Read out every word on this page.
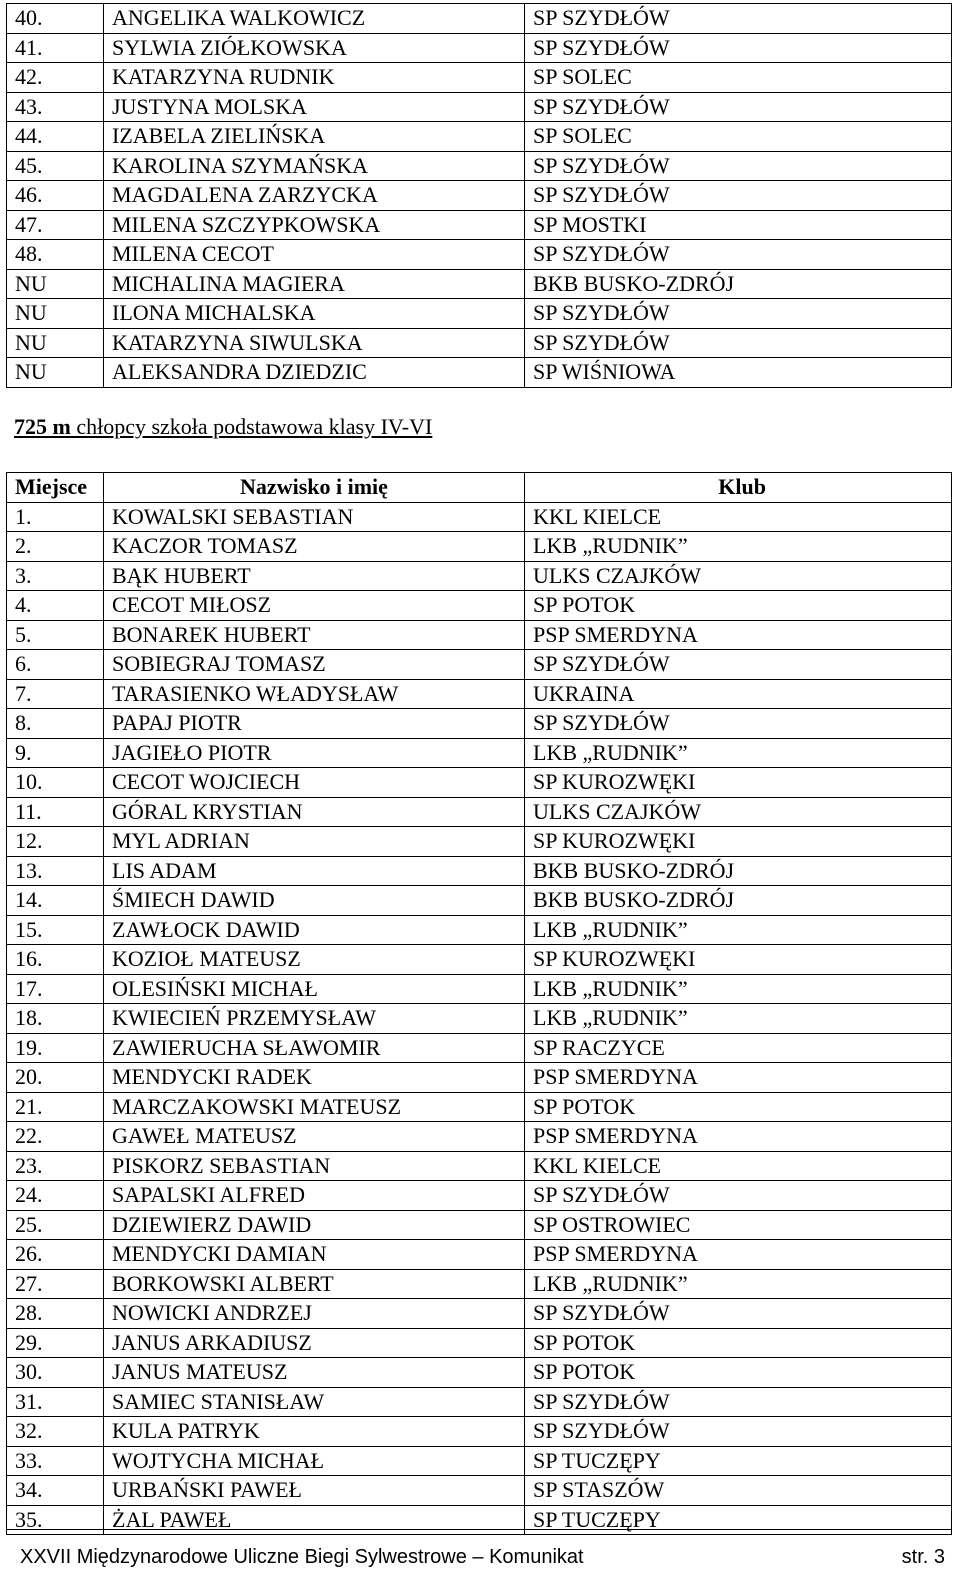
40.	ANGELIKA WALKOWICZ	SP SZYDŁÓW
41.	SYLWIA ZIÓŁKOWSKA	SP SZYDŁÓW
42.	KATARZYNA RUDNIK	SP SOLEC
43.	JUSTYNA MOLSKA	SP SZYDŁÓW
44.	IZABELA ZIELIŃSKA	SP SOLEC
45.	KAROLINA SZYMAŃSKA	SP SZYDŁÓW
46.	MAGDALENA ZARZYCKA	SP SZYDŁÓW
47.	MILENA SZCZYPKOWSKA	SP MOSTKI
48.	MILENA CECOT	SP SZYDŁÓW
NU	MICHALINA MAGIERA	BKB BUSKO-ZDRÓJ
NU	ILONA MICHALSKA	SP SZYDŁÓW
NU	KATARZYNA SIWULSKA	SP SZYDŁÓW
NU	ALEKSANDRA DZIEDZIC	SP WIŚNIOWA
725 m chłopcy szkoła podstawowa klasy IV-VI
Miejsce	Nazwisko i imię	Klub
1.	KOWALSKI SEBASTIAN	KKL KIELCE
2.	KACZOR TOMASZ	LKB „RUDNIK”
3.	BĄK HUBERT	ULKS CZAJKÓW
4.	CECOT MIŁOSZ	SP POTOK
5.	BONAREK HUBERT	PSP SMERDYNA
6.	SOBIEGRAJ TOMASZ	SP SZYDŁÓW
7.	TARASIENKO WŁADYSŁAW	UKRAINA
8.	PAPAJ PIOTR	SP SZYDŁÓW
9.	JAGIEŁO PIOTR	LKB „RUDNIK”
10.	CECOT WOJCIECH	SP KUROZWĘKI
11.	GÓRAL KRYSTIAN	ULKS CZAJKÓW
12.	MYL ADRIAN	SP KUROZWĘKI
13.	LIS ADAM	BKB BUSKO-ZDRÓJ
14.	ŚMIECH DAWID	BKB BUSKO-ZDRÓJ
15.	ZAWŁOCK DAWID	LKB „RUDNIK”
16.	KOZIOŁ MATEUSZ	SP KUROZWĘKI
17.	OLESIŃSKI MICHAŁ	LKB „RUDNIK”
18.	KWIECIEŃ PRZEMYSŁAW	LKB „RUDNIK”
19.	ZAWIERUCHA SŁAWOMIR	SP RACZYCE
20.	MENDYCKI RADEK	PSP SMERDYNA
21.	MARCZAKOWSKI MATEUSZ	SP POTOK
22.	GAWEŁ MATEUSZ	PSP SMERDYNA
23.	PISKORZ SEBASTIAN	KKL KIELCE
24.	SAPALSKI ALFRED	SP SZYDŁÓW
25.	DZIEWIERZ DAWID	SP OSTROWIEC
26.	MENDYCKI DAMIAN	PSP SMERDYNA
27.	BORKOWSKI ALBERT	LKB „RUDNIK”
28.	NOWICKI ANDRZEJ	SP SZYDŁÓW
29.	JANUS ARKADIUSZ	SP POTOK
30.	JANUS MATEUSZ	SP POTOK
31.	SAMIEC STANISŁAW	SP SZYDŁÓW
32.	KULA PATRYK	SP SZYDŁÓW
33.	WOJTYCHA MICHAŁ	SP TUCZĘPY
34.	URBAŃSKI PAWEŁ	SP STASZÓW
35.	ŻAL PAWEŁ	SP TUCZĘPY
XXVII Międzynarodowe Uliczne Biegi Sylwestrowe – Komunikat	str. 3
